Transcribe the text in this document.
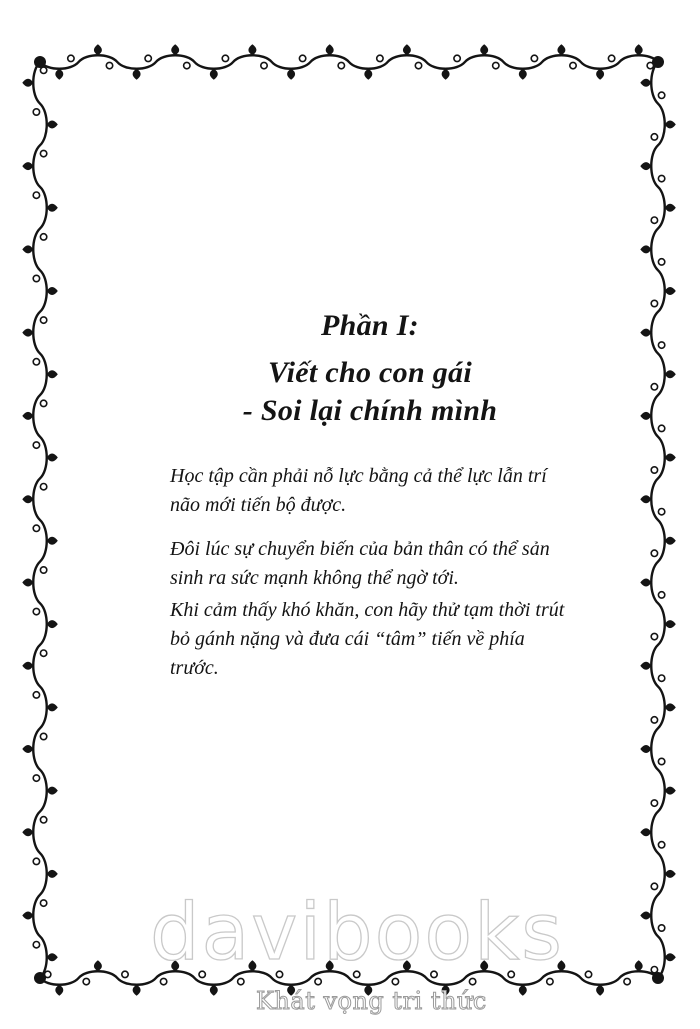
Phần I:
Viết cho con gái
- Soi lại chính mình
Học tập cần phải nỗ lực bằng cả thể lực lẫn trí não mới tiến bộ được.
Đôi lúc sự chuyển biến của bản thân có thể sản sinh ra sức mạnh không thể ngờ tới.
Khi cảm thấy khó khăn, con hãy thử tạm thời trút bỏ gánh nặng và đưa cái “tâm” tiến về phía trước.
davibooks
Khát vọng tri thức
